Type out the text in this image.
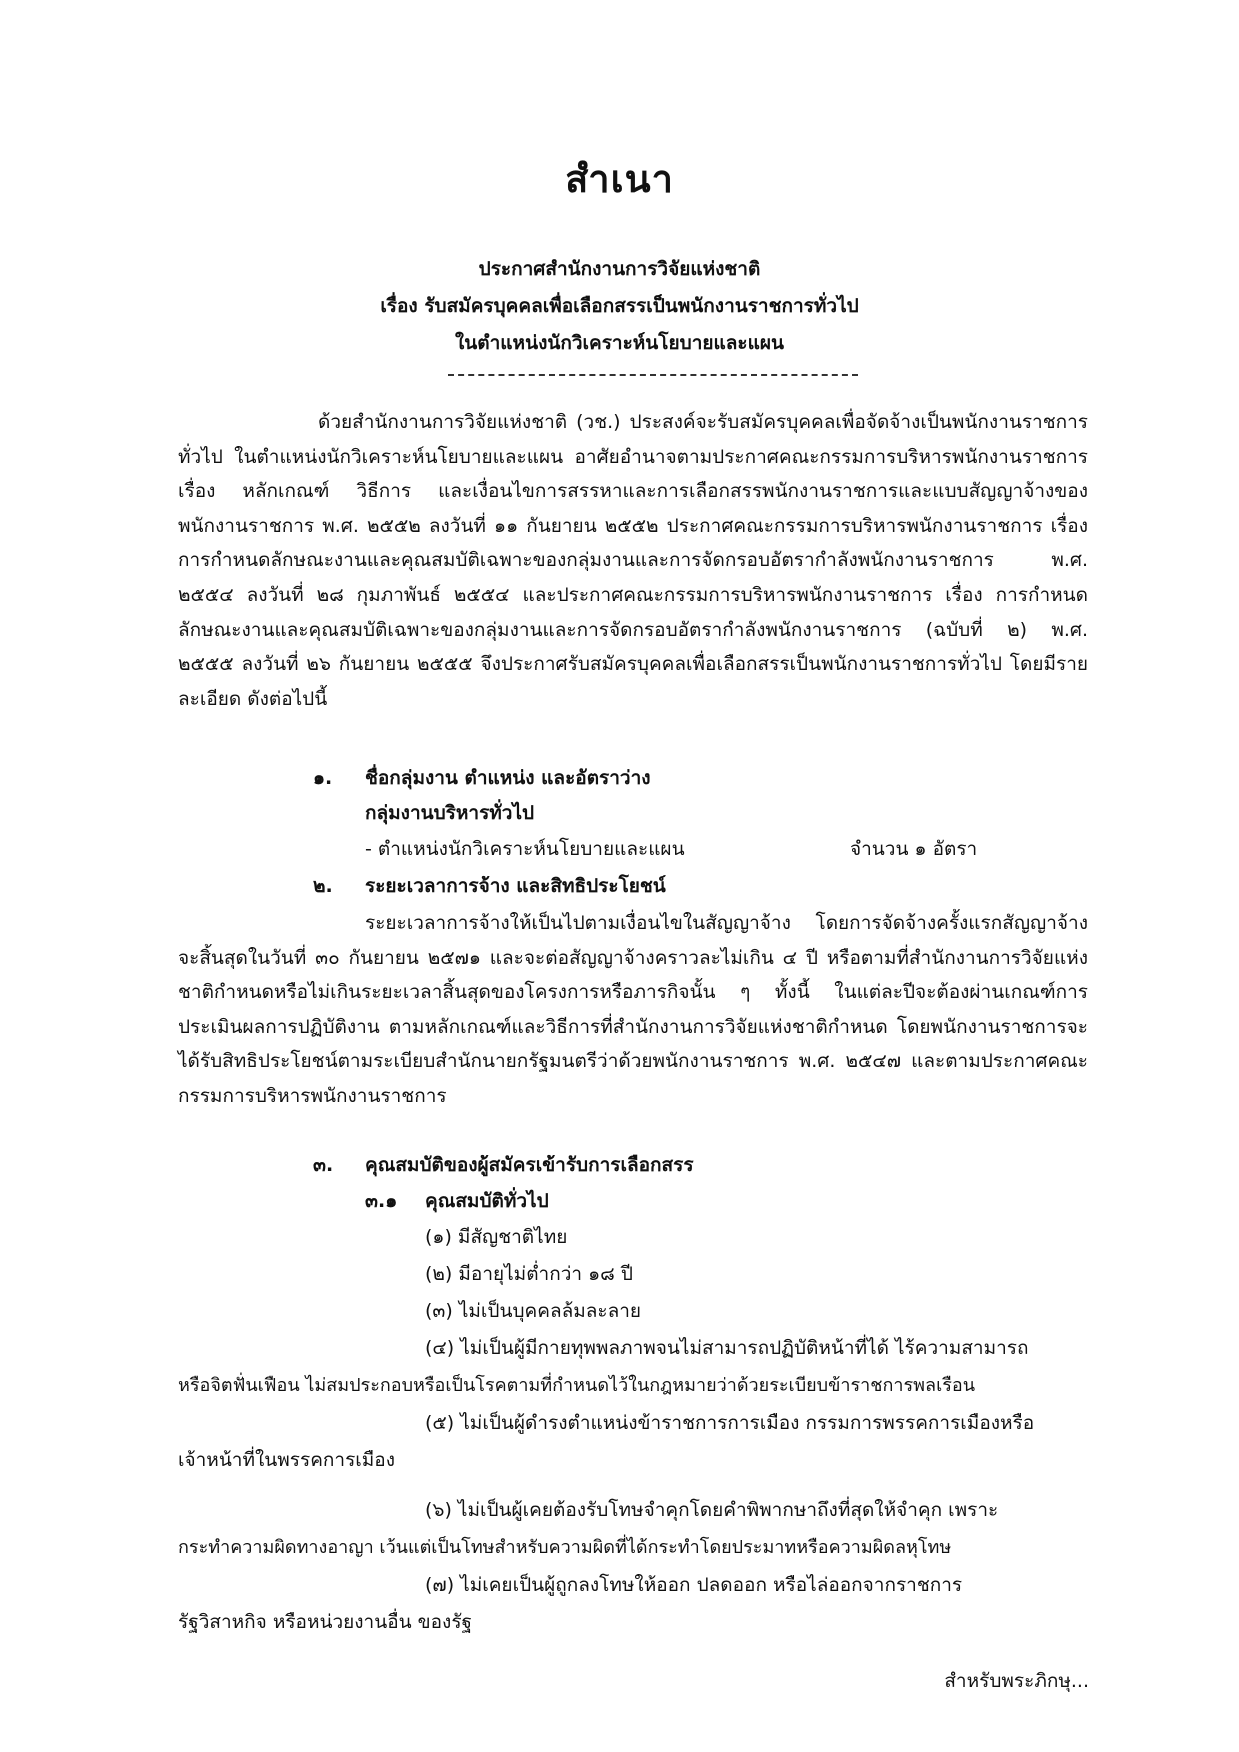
สำเนา
ประกาศสำนักงานการวิจัยแห่งชาติ
เรื่อง รับสมัครบุคคลเพื่อเลือกสรรเป็นพนักงานราชการทั่วไป
ในตำแหน่งนักวิเคราะห์นโยบายและแผน
ด้วยสำนักงานการวิจัยแห่งชาติ (วช.) ประสงค์จะรับสมัครบุคคลเพื่อจัดจ้างเป็นพนักงานราชการทั่วไป ในตำแหน่งนักวิเคราะห์นโยบายและแผน อาศัยอำนาจตามประกาศคณะกรรมการบริหารพนักงานราชการ เรื่อง หลักเกณฑ์ วิธีการ และเงื่อนไขการสรรหาและการเลือกสรรพนักงานราชการและแบบสัญญาจ้างของพนักงานราชการ พ.ศ. ๒๕๕๒ ลงวันที่ ๑๑ กันยายน ๒๕๕๒ ประกาศคณะกรรมการบริหารพนักงานราชการ เรื่อง การกำหนดลักษณะงานและคุณสมบัติเฉพาะของกลุ่มงานและการจัดกรอบอัตรากำลังพนักงานราชการ พ.ศ. ๒๕๕๔ ลงวันที่ ๒๘ กุมภาพันธ์ ๒๕๕๔ และประกาศคณะกรรมการบริหารพนักงานราชการ เรื่อง การกำหนดลักษณะงานและคุณสมบัติเฉพาะของกลุ่มงานและการจัดกรอบอัตรากำลังพนักงานราชการ (ฉบับที่ ๒) พ.ศ. ๒๕๕๕ ลงวันที่ ๒๖ กันยายน ๒๕๕๕ จึงประกาศรับสมัครบุคคลเพื่อเลือกสรรเป็นพนักงานราชการทั่วไป โดยมีรายละเอียด ดังต่อไปนี้
๑. ชื่อกลุ่มงาน ตำแหน่ง และอัตราว่าง
กลุ่มงานบริหารทั่วไป
- ตำแหน่งนักวิเคราะห์นโยบายและแผน	จำนวน ๑ อัตรา
๒. ระยะเวลาการจ้าง และสิทธิประโยชน์
ระยะเวลาการจ้างให้เป็นไปตามเงื่อนไขในสัญญาจ้าง โดยการจัดจ้างครั้งแรกสัญญาจ้างจะสิ้นสุดในวันที่ ๓๐ กันยายน ๒๕๗๑ และจะต่อสัญญาจ้างคราวละไม่เกิน ๔ ปี หรือตามที่สำนักงานการวิจัยแห่งชาติกำหนดหรือไม่เกินระยะเวลาสิ้นสุดของโครงการหรือภารกิจนั้น ๆ ทั้งนี้ ในแต่ละปีจะต้องผ่านเกณฑ์การประเมินผลการปฏิบัติงาน ตามหลักเกณฑ์และวิธีการที่สำนักงานการวิจัยแห่งชาติกำหนด โดยพนักงานราชการจะได้รับสิทธิประโยชน์ตามระเบียบสำนักนายกรัฐมนตรีว่าด้วยพนักงานราชการ พ.ศ. ๒๕๔๗ และตามประกาศคณะกรรมการบริหารพนักงานราชการ
๓. คุณสมบัติของผู้สมัครเข้ารับการเลือกสรร
๓.๑ คุณสมบัติทั่วไป
(๑) มีสัญชาติไทย
(๒) มีอายุไม่ต่ำกว่า ๑๘ ปี
(๓) ไม่เป็นบุคคลล้มละลาย
(๔) ไม่เป็นผู้มีกายทุพพลภาพจนไม่สามารถปฏิบัติหน้าที่ได้ ไร้ความสามารถ
หรือจิตฟั่นเฟือน ไม่สมประกอบหรือเป็นโรคตามที่กำหนดไว้ในกฎหมายว่าด้วยระเบียบข้าราชการพลเรือน
(๕) ไม่เป็นผู้ดำรงตำแหน่งข้าราชการการเมือง กรรมการพรรคการเมืองหรือ
เจ้าหน้าที่ในพรรคการเมือง
(๖) ไม่เป็นผู้เคยต้องรับโทษจำคุกโดยคำพิพากษาถึงที่สุดให้จำคุก เพราะ
กระทำความผิดทางอาญา เว้นแต่เป็นโทษสำหรับความผิดที่ได้กระทำโดยประมาทหรือความผิดลหุโทษ
(๗) ไม่เคยเป็นผู้ถูกลงโทษให้ออก ปลดออก หรือไล่ออกจากราชการ
รัฐวิสาหกิจ หรือหน่วยงานอื่น ของรัฐ
สำหรับพระภิกษุ...
